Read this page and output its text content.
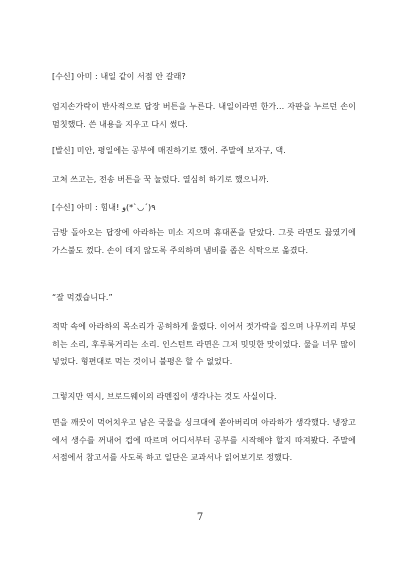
[수신] 아미 : 내일 같이 서점 안 갈래?

엄지손가락이 반사적으로 답장 버튼을 누른다. 내일이라면 한가… 자판을 누르던 손이 멈칫했다. 쓴 내용을 지우고 다시 썼다.

[발신] 미안, 평일에는 공부에 매진하기로 했어. 주말에 보자구, 댁.

고쳐 쓰고는, 전송 버튼을 꾹 눌렀다. 열심히 하기로 했으니까.

[수신] 아미 : 힘내! ٩(´◡`*)و

금방 돌아오는 답장에 아라하는 미소 지으며 휴대폰을 닫았다. 그릇 라면도 끓였기에 가스불도 껐다. 손이 데지 않도록 주의하며 냄비를 좁은 식탁으로 옮겼다.

“잘 먹겠습니다.”

적막 속에 아라하의 목소리가 공허하게 울렸다. 이어서 젓가락을 집으며 나무끼리 부딪히는 소리, 후루룩거리는 소리. 인스턴트 라면은 그저 밋밋한 맛이었다. 물을 너무 많이 넣었다. 형편대로 먹는 것이니 불평은 할 수 없었다.

그렇지만 역시, 브로드웨이의 라멘집이 생각나는 것도 사실이다.

면을 깨끗이 먹어치우고 남은 국물을 싱크대에 쏟아버리며 아라하가 생각했다. 냉장고에서 생수를 꺼내어 컵에 따르며 어디서부터 공부를 시작해야 할지 따져봤다. 주말에 서점에서 참고서를 사도록 하고 일단은 교과서나 읽어보기로 정했다.

7
